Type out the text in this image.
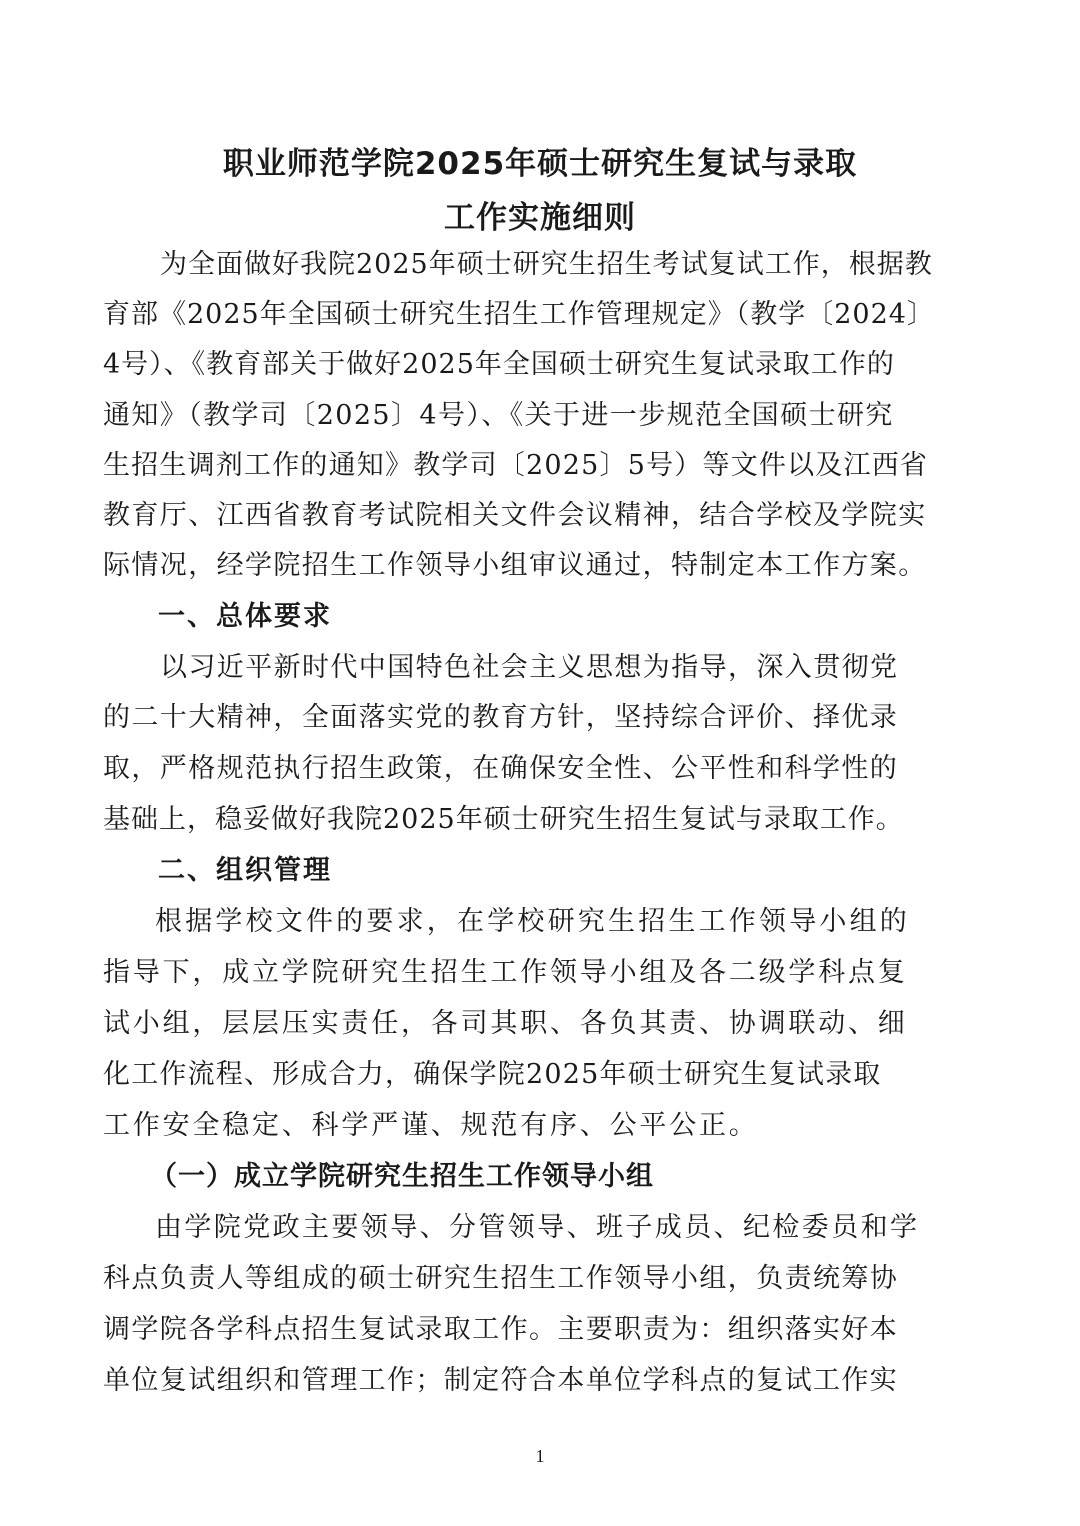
职业师范学院2025年硕士研究生复试与录取
工作实施细则
为全面做好我院2025年硕士研究生招生考试复试工作，根据教
育部《2025年全国硕士研究生招生工作管理规定》（教学〔2024〕
4号）、《教育部关于做好2025年全国硕士研究生复试录取工作的
通知》（教学司〔2025〕4号）、《关于进一步规范全国硕士研究
生招生调剂工作的通知》教学司〔2025〕5号）等文件以及江西省
教育厅、江西省教育考试院相关文件会议精神，结合学校及学院实
际情况，经学院招生工作领导小组审议通过，特制定本工作方案。
一、总体要求
以习近平新时代中国特色社会主义思想为指导，深入贯彻党
的二十大精神，全面落实党的教育方针，坚持综合评价、择优录
取，严格规范执行招生政策，在确保安全性、公平性和科学性的
基础上，稳妥做好我院2025年硕士研究生招生复试与录取工作。
二、组织管理
根据学校文件的要求，在学校研究生招生工作领导小组的
指导下，成立学院研究生招生工作领导小组及各二级学科点复
试小组，层层压实责任，各司其职、各负其责、协调联动、细
化工作流程、形成合力，确保学院2025年硕士研究生复试录取
工作安全稳定、科学严谨、规范有序、公平公正。
（一）成立学院研究生招生工作领导小组
由学院党政主要领导、分管领导、班子成员、纪检委员和学
科点负责人等组成的硕士研究生招生工作领导小组，负责统筹协
调学院各学科点招生复试录取工作。主要职责为：组织落实好本
单位复试组织和管理工作；制定符合本单位学科点的复试工作实
1
